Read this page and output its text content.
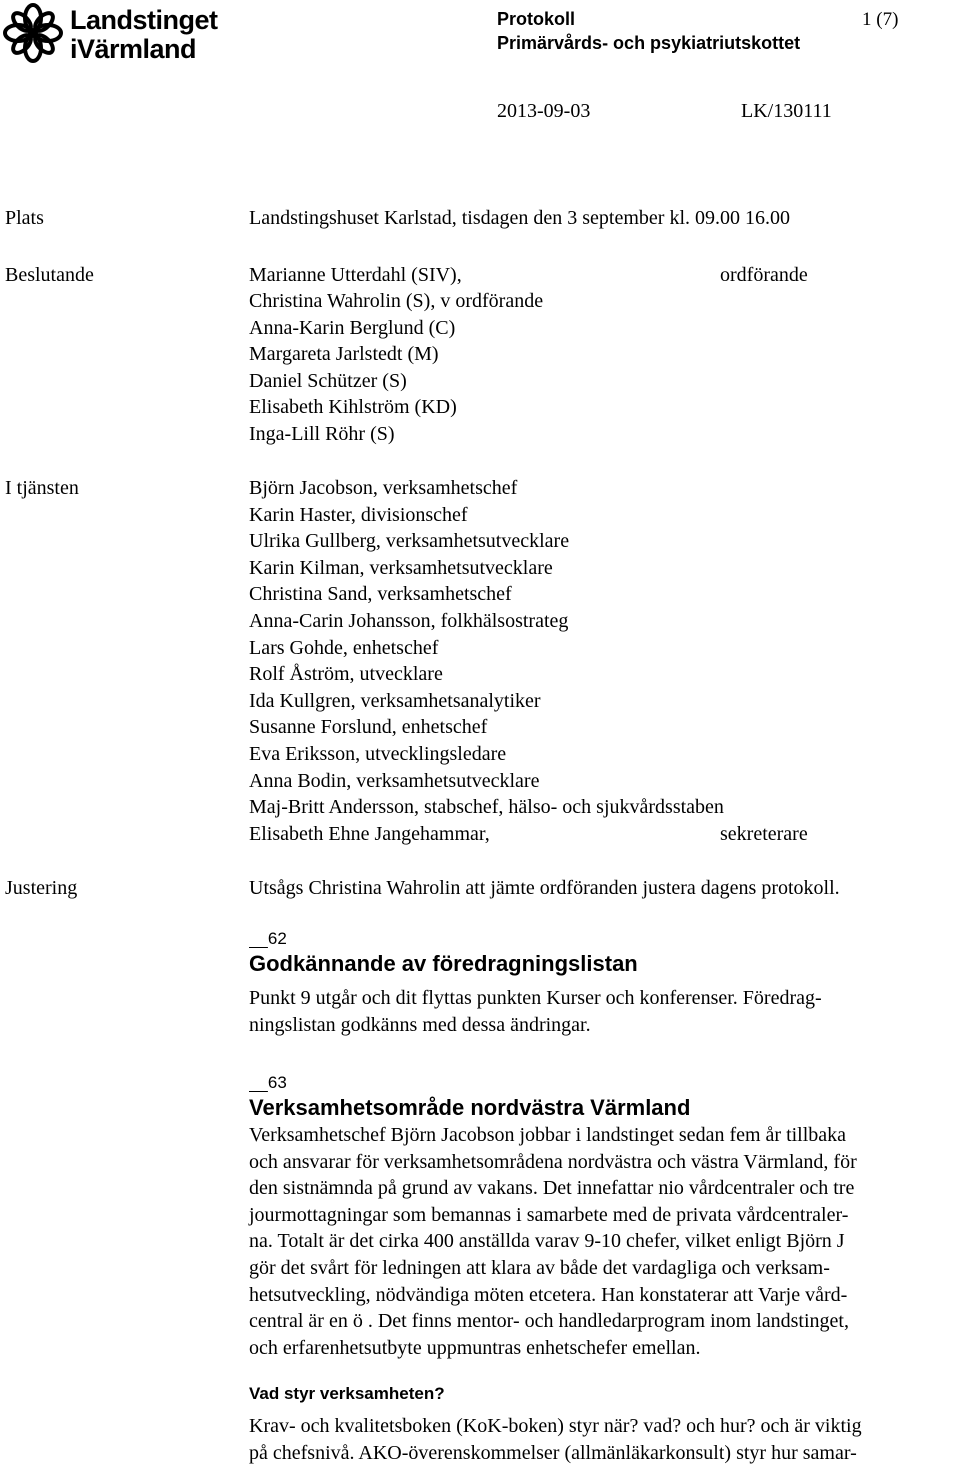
Landstinget
iVärmland
Protokoll	1 (7)
Primärvårds- och psykiatriutskottet
2013-09-03	LK/130111
Plats	Landstingshuset Karlstad, tisdagen den 3 september kl. 09.00 16.00
Beslutande	Marianne Utterdahl (SIV),	ordförande
Christina Wahrolin (S), v ordförande
Anna-Karin Berglund (C)
Margareta Jarlstedt (M)
Daniel Schützer (S)
Elisabeth Kihlström (KD)
Inga-Lill Röhr (S)
I tjänsten	Björn Jacobson, verksamhetschef
Karin Haster, divisionschef
Ulrika Gullberg, verksamhetsutvecklare
Karin Kilman, verksamhetsutvecklare
Christina Sand, verksamhetschef
Anna-Carin Johansson, folkhälsostrateg
Lars Gohde, enhetschef
Rolf Åström, utvecklare
Ida Kullgren, verksamhetsanalytiker
Susanne Forslund, enhetschef
Eva Eriksson, utvecklingsledare
Anna Bodin, verksamhetsutvecklare
Maj-Britt Andersson, stabschef, hälso- och sjukvårdsstaben
Elisabeth Ehne Jangehammar,	sekreterare
Justering	Utsågs Christina Wahrolin att jämte ordföranden justera dagens protokoll.
62
Godkännande av föredragningslistan

Punkt 9 utgår och dit flyttas punkten Kurser och konferenser. Föredrag-
ningslistan godkänns med dessa ändringar.

63
Verksamhetsområde nordvästra Värmland

Verksamhetschef Björn Jacobson jobbar i landstinget sedan fem år tillbaka
och ansvarar för verksamhetsområdena nordvästra och västra Värmland, för
den sistnämnda på grund av vakans. Det innefattar nio vårdcentraler och tre
jourmottagningar som bemannas i samarbete med de privata vårdcentraler-
na. Totalt är det cirka 400 anställda varav 9-10 chefer, vilket enligt Björn J
gör det svårt för ledningen att klara av både det vardagliga och verksam-
hetsutveckling, nödvändiga möten etcetera. Han konstaterar att Varje vård-
central är en ö . Det finns mentor- och handledarprogram inom landstinget,
och erfarenhetsutbyte uppmuntras enhetschefer emellan.

Vad styr verksamheten?

Krav- och kvalitetsboken (KoK-boken) styr när? vad? och hur? och är viktig
på chefsnivå. AKO-överenskommelser (allmänläkarkonsult) styr hur samar-
